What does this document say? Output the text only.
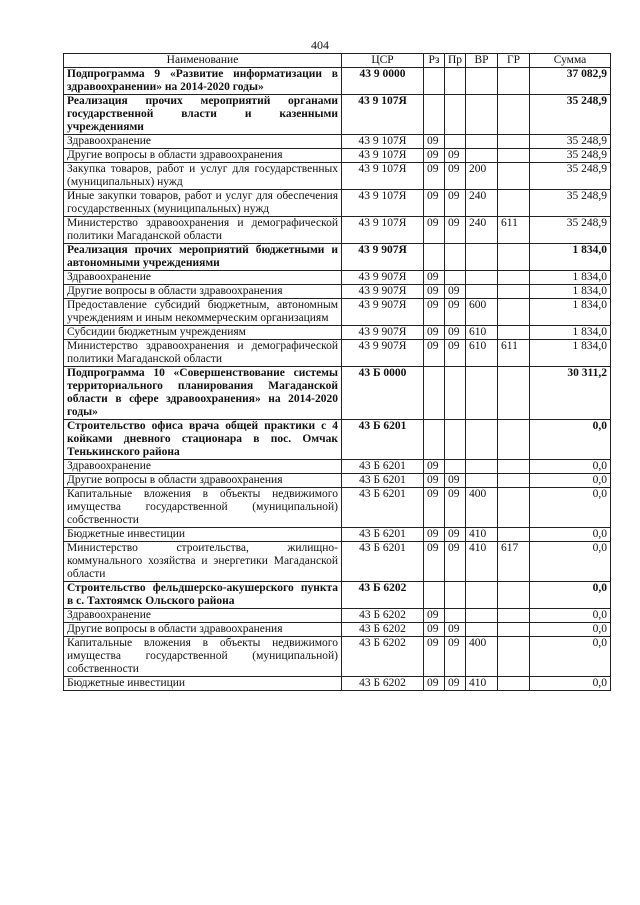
404
Наименование	ЦСР	Рз	Пр	ВР	ГР	Сумма
Подпрограмма 9 «Развитие информатизации в здравоохранении» на 2014-2020 годы»	43 9 0000					37 082,9
Реализация прочих мероприятий органами государственной власти и казенными учреждениями	43 9 107Я					35 248,9
Здравоохранение	43 9 107Я	09				35 248,9
Другие вопросы в области здравоохранения	43 9 107Я	09	09			35 248,9
Закупка товаров, работ и услуг для государственных (муниципальных) нужд	43 9 107Я	09	09	200		35 248,9
Иные закупки товаров, работ и услуг для обеспечения государственных (муниципальных) нужд	43 9 107Я	09	09	240		35 248,9
Министерство здравоохранения и демографической политики Магаданской области	43 9 107Я	09	09	240	611	35 248,9
Реализация прочих мероприятий бюджетными и автономными учреждениями	43 9 907Я					1 834,0
Здравоохранение	43 9 907Я	09				1 834,0
Другие вопросы в области здравоохранения	43 9 907Я	09	09			1 834,0
Предоставление субсидий бюджетным, автономным учреждениям и иным некоммерческим организациям	43 9 907Я	09	09	600		1 834,0
Субсидии бюджетным учреждениям	43 9 907Я	09	09	610		1 834,0
Министерство здравоохранения и демографической политики Магаданской области	43 9 907Я	09	09	610	611	1 834,0
Подпрограмма 10 «Совершенствование системы территориального планирования Магаданской области в сфере здравоохранения» на 2014-2020 годы»	43 Б 0000					30 311,2
Строительство офиса врача общей практики с 4 койками дневного стационара в пос. Омчак Тенькинского района	43 Б 6201					0,0
Здравоохранение	43 Б 6201	09				0,0
Другие вопросы в области здравоохранения	43 Б 6201	09	09			0,0
Капитальные вложения в объекты недвижимого имущества государственной (муниципальной) собственности	43 Б 6201	09	09	400		0,0
Бюджетные инвестиции	43 Б 6201	09	09	410		0,0
Министерство строительства, жилищно-коммунального хозяйства и энергетики Магаданской области	43 Б 6201	09	09	410	617	0,0
Строительство фельдшерско-акушерского пункта в с. Тахтоямск Ольского района	43 Б 6202					0,0
Здравоохранение	43 Б 6202	09				0,0
Другие вопросы в области здравоохранения	43 Б 6202	09	09			0,0
Капитальные вложения в объекты недвижимого имущества государственной (муниципальной) собственности	43 Б 6202	09	09	400		0,0
Бюджетные инвестиции	43 Б 6202	09	09	410		0,0
